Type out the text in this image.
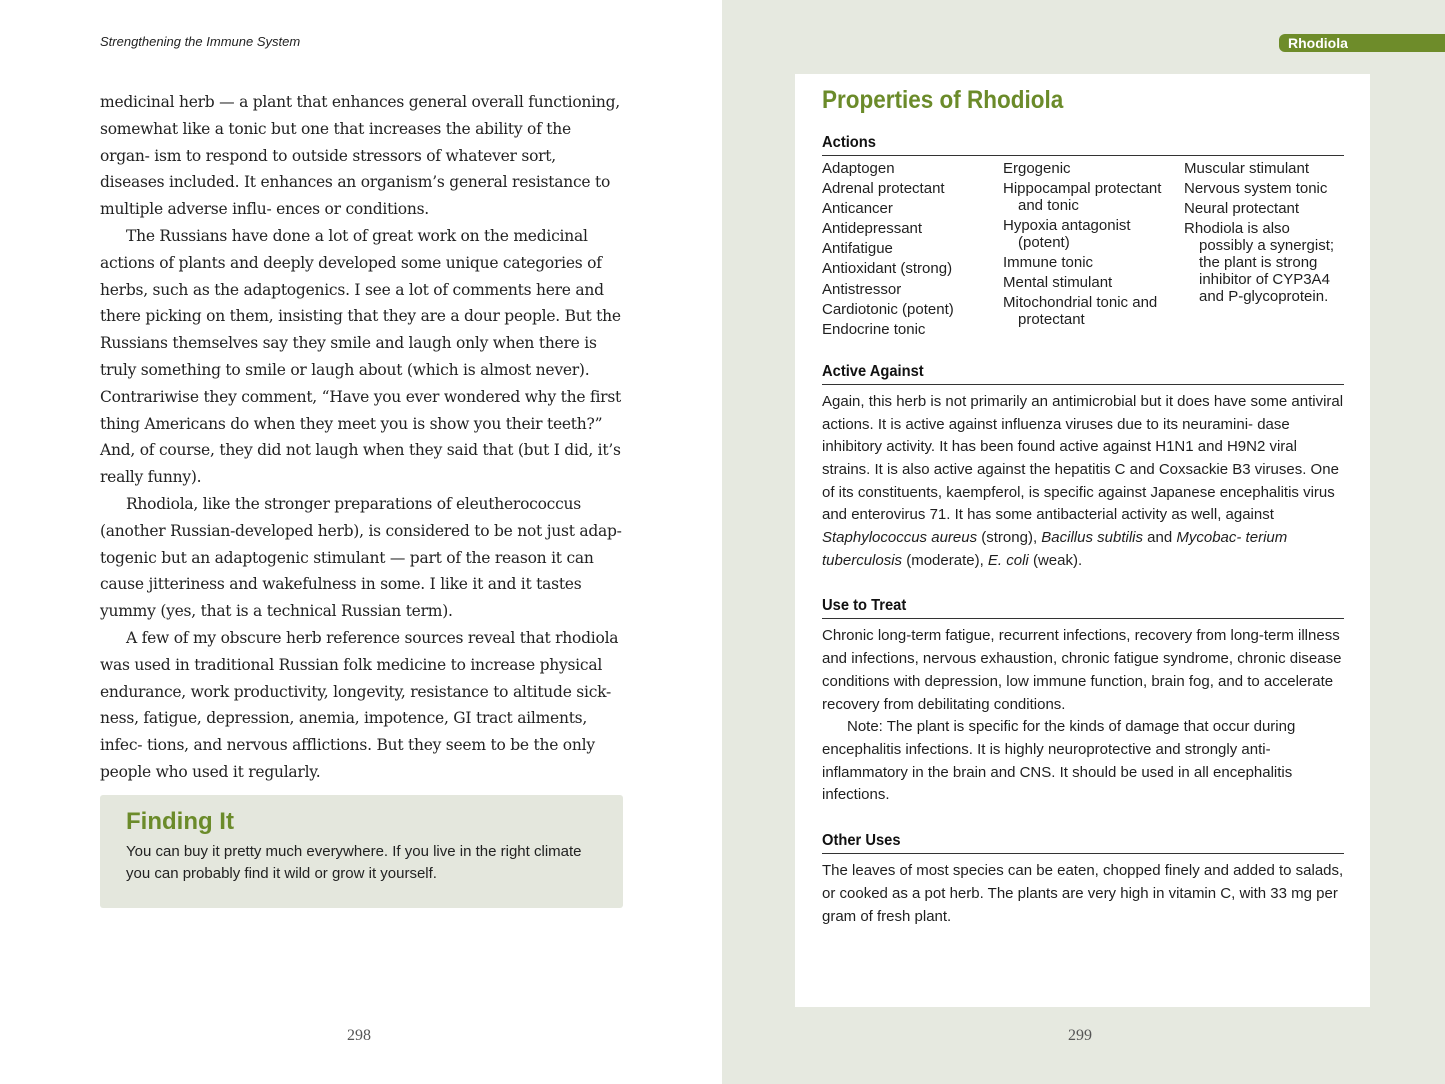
Strengthening the Immune System

medicinal herb — a plant that enhances general overall functioning, somewhat like a tonic but one that increases the ability of the organ- ism to respond to outside stressors of whatever sort, diseases included. It enhances an organism’s general resistance to multiple adverse influ- ences or conditions.

The Russians have done a lot of great work on the medicinal actions of plants and deeply developed some unique categories of herbs, such as the adaptogenics. I see a lot of comments here and there picking on them, insisting that they are a dour people. But the Russians themselves say they smile and laugh only when there is truly something to smile or laugh about (which is almost never). Contrariwise they comment, “Have you ever wondered why the first thing Americans do when they meet you is show you their teeth?” And, of course, they did not laugh when they said that (but I did, it’s really funny).

Rhodiola, like the stronger preparations of eleutherococcus (another Russian-developed herb), is considered to be not just adap- togenic but an adaptogenic stimulant — part of the reason it can cause jitteriness and wakefulness in some. I like it and it tastes yummy (yes, that is a technical Russian term).

A few of my obscure herb reference sources reveal that rhodiola was used in traditional Russian folk medicine to increase physical endurance, work productivity, longevity, resistance to altitude sick- ness, fatigue, depression, anemia, impotence, GI tract ailments, infec- tions, and nervous afflictions. But they seem to be the only people who used it regularly.

Finding It
You can buy it pretty much everywhere. If you live in the right climate you can probably find it wild or grow it yourself.
298
Rhodiola
Properties of Rhodiola
Actions
Adaptogen
Adrenal protectant
Anticancer
Antidepressant
Antifatigue
Antioxidant (strong)
Antistressor
Cardiotonic (potent)
Endocrine tonic
Ergogenic
Hippocampal protectant and tonic
Hypoxia antagonist (potent)
Immune tonic
Mental stimulant
Mitochondrial tonic and protectant
Muscular stimulant
Nervous system tonic
Neural protectant
Rhodiola is also possibly a synergist; the plant is strong inhibitor of CYP3A4 and P-glycoprotein.
Active Against
Again, this herb is not primarily an antimicrobial but it does have some antiviral actions. It is active against influenza viruses due to its neuramini- dase inhibitory activity. It has been found active against H1N1 and H9N2 viral strains. It is also active against the hepatitis C and Coxsackie B3 viruses. One of its constituents, kaempferol, is specific against Japanese encephalitis virus and enterovirus 71. It has some antibacterial activity as well, against Staphylococcus aureus (strong), Bacillus subtilis and Mycobac- terium tuberculosis (moderate), E. coli (weak).
Use to Treat
Chronic long-term fatigue, recurrent infections, recovery from long-term illness and infections, nervous exhaustion, chronic fatigue syndrome, chronic disease conditions with depression, low immune function, brain fog, and to accelerate recovery from debilitating conditions.
Note: The plant is specific for the kinds of damage that occur during encephalitis infections. It is highly neuroprotective and strongly anti- inflammatory in the brain and CNS. It should be used in all encephalitis infections.
Other Uses
The leaves of most species can be eaten, chopped finely and added to salads, or cooked as a pot herb. The plants are very high in vitamin C, with 33 mg per gram of fresh plant.
299
